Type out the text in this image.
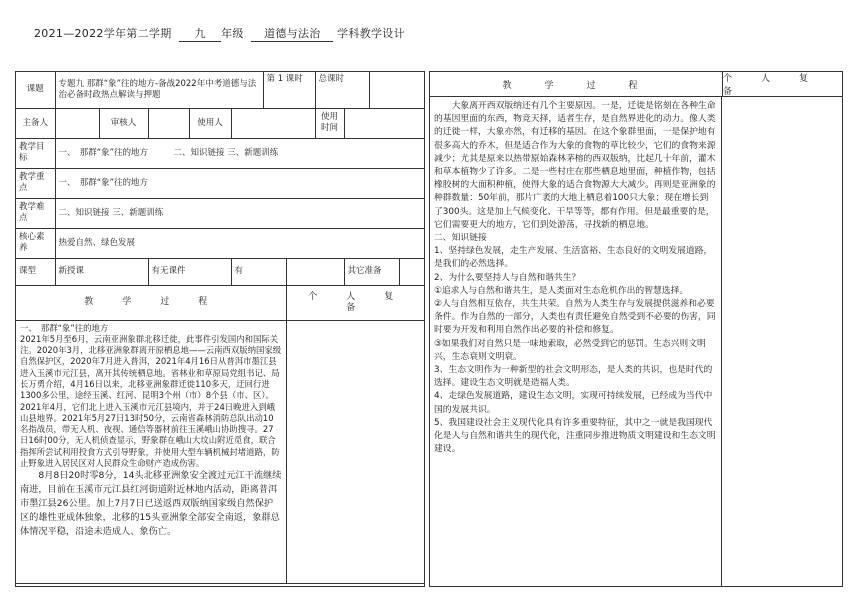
2021—2022学年第二学期 九 年级 道德与法治 学科教学设计
课题	专题九 那群“象”往的地方-备战2022年中考道德与法治必备时政热点解读与押题					第 1 课时		总课时			
主备人		审核人		使用人				使用时间			
教学目标	一、　那群“象”往的地方　　　二、知识链接 三、新题训练										
教学重点	一、　那群“象”往的地方										
教学难点	二、知识链接 三、新题训练										
核心素养	热爱自然、绿色发展										
课型	新授课		有无课件		有				其它准备		
教　学　过　程							个　人　复　备				

一、　那群“象”往的地方

2021年5月至6月，云南亚洲象群北移迁徙，此事件引发国内和国际关注。2020年3月，北移亚洲象群离开原栖息地——云南西双版纳国家级自然保护区，2020年7月进入普洱，2021年4月16日从普洱市墨江县进入玉溪市元江县，离开其传统栖息地。省林业和草原局党组书记、局长万勇介绍，4月16日以来，北移亚洲象群迁徙110多天，迂回行进1300多公里，途经玉溪、红河、昆明3个州（市）8个县（市、区）。

2021年4月，它们北上进入玉溪市元江县境内，并于24日晚进入到峨山县地界。2021年5月27日13时50分，云南省森林消防总队出动10名指战员，带无人机、夜视、通信等器材前往玉溪峨山协助搜寻。27日16时00分，无人机侦查显示，野象群在峨山大坟山附近觅食，联合指挥所尝试利用投食方式引导野象，并使用大型车辆机械封堵道路，防止野象进入居民区对人民群众生命财产造成伤害。

8月8日20时零8分，14头北移亚洲象安全渡过元江干流继续南进，目前在玉溪市元江县红河街道附近林地内活动，距离普洱市墨江县26公里。加上7月7日已送返西双版纳国家级自然保护区的雄性亚成体独象，北移的15头亚洲象全部安全南返，象群总体情况平稳，沿途未造成人、象伤亡。											

教　学　过　程
个　人　复　备

大象离开西双版纳还有几个主要原因。一是，迁徙是铭刻在各种生命的基因里面的东西，物竞天择，适者生存，是自然界进化的动力。像人类的迁徙一样，大象亦然，有迁移的基因。在这个象群里面，一是保护地有很多高大的乔木，但是适合作为大象的食物的草比较少，它们的食物来源减少；尤其是原来以热带原始森林茅榕的西双版纳，比起几十年前，灌木和草本植物少了许多。二是一些村庄在那些栖息地里面，种植作物，包括橡胶树的大面积种植，使得大象的适合食物源大大减少。再则是亚洲象的种群数量：50年前，那片广袤的大地上栖息着100只大象；现在增长到了300头。这是加上气候变化、干旱等等，都有作用。但是最重要的是，它们需要更大的地方，它们到处游荡，寻找新的栖息地。

二、知识链接

1、坚持绿色发展，走生产发展、生活富裕、生态良好的文明发展道路，是我们的必然选择。

2、为什么要坚持人与自然和谐共生？

①追求人与自然和谐共生，是人类面对生态危机作出的智慧选择。

②人与自然相互依存，共生共荣。自然为人类生存与发展提供滋养和必要条件。作为自然的一部分，人类也有责任避免自然受到不必要的伤害，同时要为开发和利用自然作出必要的补偿和修复。

③如果我们对自然只是一味地索取，必然受到它的惩罚。生态兴则文明兴，生态衰则文明衰。

3、生态文明作为一种新型的社会文明形态，是人类的共识，也是时代的选择。建设生态文明就是造福人类。

4、走绿色发展道路，建设生态文明，实现可持续发展，已经成为当代中国的发展共识。

5、我国建设社会主义现代化具有许多重要特征，其中之一就是我国现代化是人与自然和谐共生的现代化，注重同步推进物质文明建设和生态文明建设。
